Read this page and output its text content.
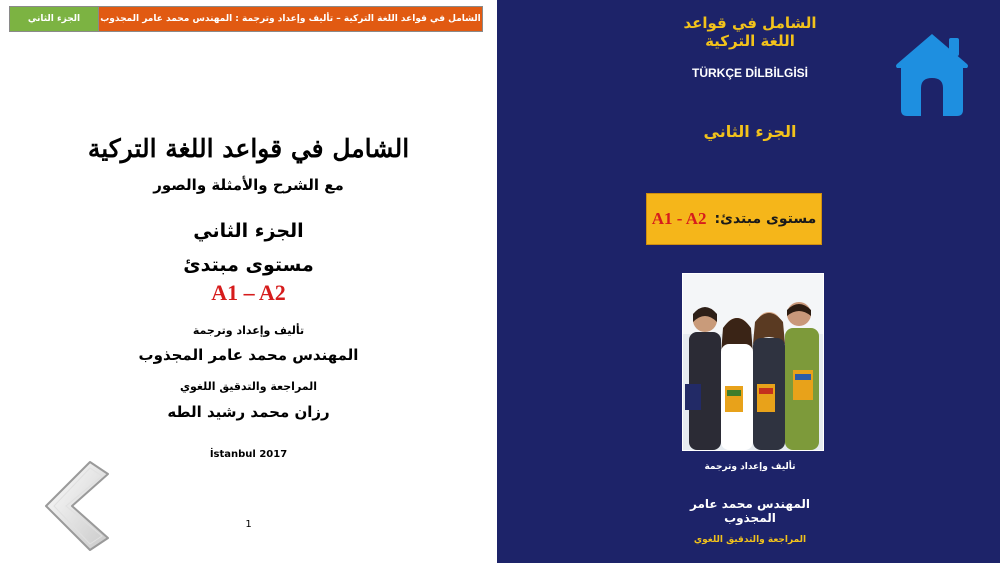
الجزء الثاني	الشامل في قواعد اللغة التركية – تأليف وإعداد وترجمة : المهندس محمد عامر المجذوب
الشامل في قواعد اللغة التركية
مع الشرح والأمثلة والصور
الجزء الثاني
مستوى مبتدئ
A1 – A2
تأليف وإعداد وترجمة
المهندس محمد عامر المجذوب
المراجعة والتدقيق اللغوي
رزان محمد رشيد الطه
İstanbul 2017
1
الشامل في قواعد اللغة التركية
TÜRKÇE DİLBİLGİSİ
الجزء الثاني
تأليف وإعداد وترجمة
المهندس محمد عامر المجذوب
المراجعة والتدقيق اللغوي
مستوى مبتدئ:
A1 - A2
